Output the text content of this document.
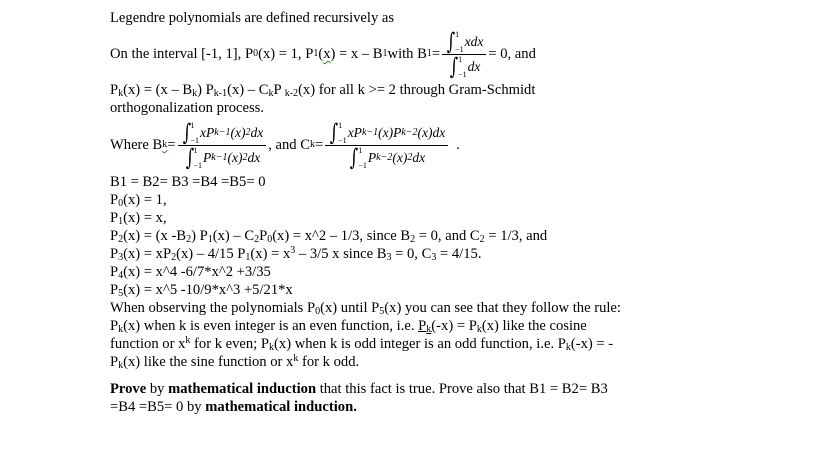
Legendre polynomials are defined recursively as
On the interval [-1, 1], P 0 (x) = 1, P 1 ( x ) = x – B 1 with B 1 = ∫ 1
−1
xdx
∫ 1
−1
dx = 0, and
$P_k(x) = (x - B_k)$ $P_{k-1}(x) - C_kP$ $_{k-2}$(x) for all k >= 2 through Gram-Schmidt
orthogonalization process.
Where B k = ∫ 1
−1
xP k−1 (x) 2 dx
∫ 1
−1
P k−1 (x) 2 dx , and C k = ∫ 1
−1
xP k−1 (x)P k−2 (x)dx
∫ 1
−1
P k−2 (x) 2 dx .
B1 = B2= B3 =B4 =B5= 0
$P_0(x) = 1$,
$P_1(x) = x$,
$P_2(x) = (x$ $-B_2$) $P_1(x) - C_2P_0(x)$ = x^2 – 1/3, since $B_2 = 0$, and $C_2 = 1/3$, and
$P_3(x) = xP_2(x) - 4/15$ $P_1(x) = x^3 - 3/5$ x since $B_3 = 0$, $C_3 = 4/15$.
$P_4(x)$ = x^4 -6/7*x^2 +3/35
$P_5(x)$ = x^5 -10/9*x^3 +5/21*x
When observing the polynomials $P_0(x)$ until $P_5(x)$ you can see that they follow the rule:
$P_k(x)$ when k is even integer is an even function, i.e. $P_k(-x) = P_k(x)$ like the cosine
function or $x^k$ for k even; $P_k(x)$ when k is odd integer is an odd function, i.e. $P_k(-x)$ = -
$P_k(x)$ like the sine function or $x^k$ for k odd.
Prove by mathematical induction that this fact is true. Prove also that B1 = B2= B3
=B4 =B5= 0 by mathematical induction.
